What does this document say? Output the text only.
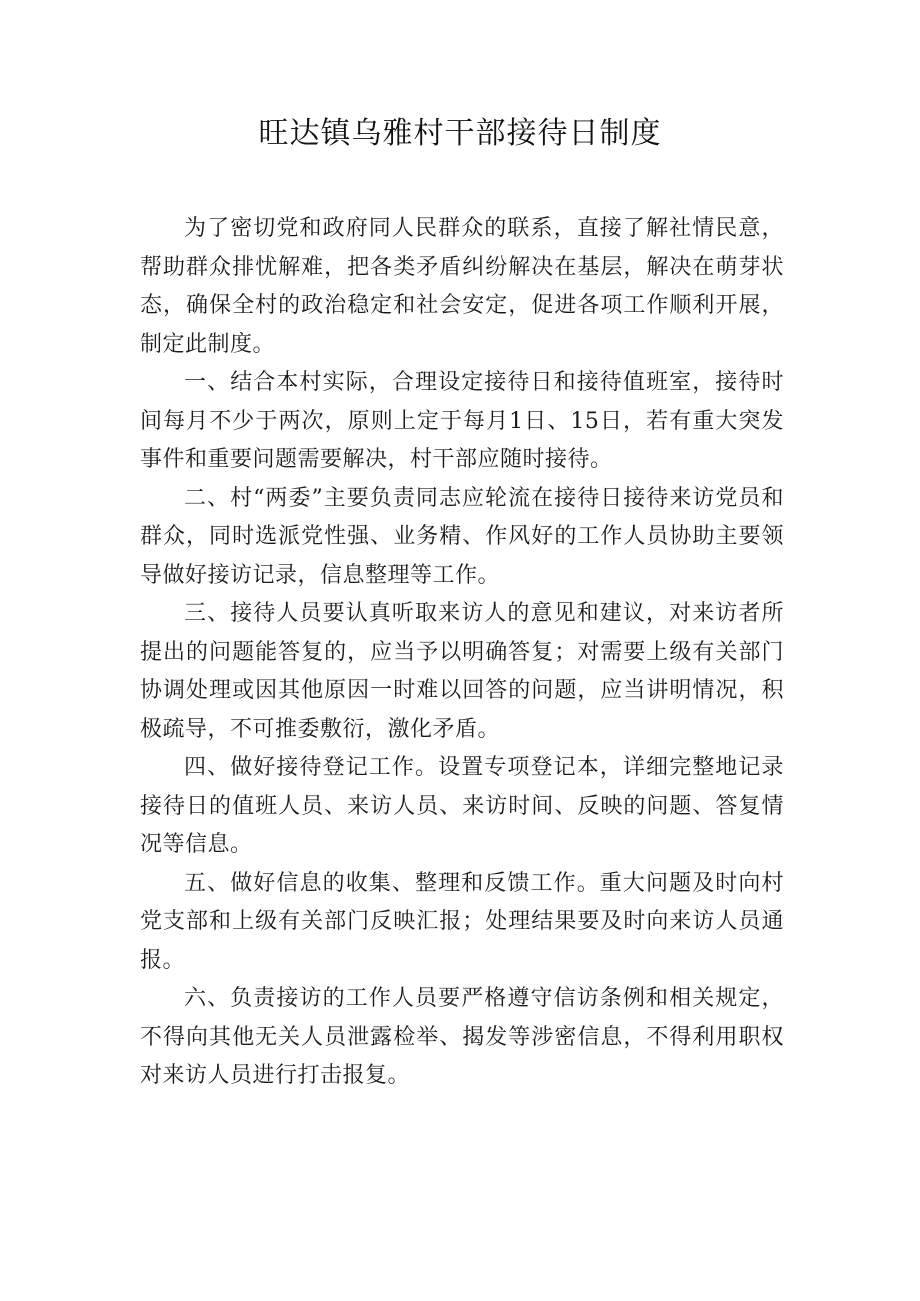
旺达镇乌雅村干部接待日制度

为了密切党和政府同人民群众的联系，直接了解社情民意，帮助群众排忧解难，把各类矛盾纠纷解决在基层，解决在萌芽状态，确保全村的政治稳定和社会安定，促进各项工作顺利开展，制定此制度。

一、结合本村实际，合理设定接待日和接待值班室，接待时间每月不少于两次，原则上定于每月1日、15日，若有重大突发事件和重要问题需要解决，村干部应随时接待。

二、村“两委”主要负责同志应轮流在接待日接待来访党员和群众，同时选派党性强、业务精、作风好的工作人员协助主要领导做好接访记录，信息整理等工作。

三、接待人员要认真听取来访人的意见和建议，对来访者所提出的问题能答复的，应当予以明确答复；对需要上级有关部门协调处理或因其他原因一时难以回答的问题，应当讲明情况，积极疏导，不可推委敷衍，激化矛盾。

四、做好接待登记工作。设置专项登记本，详细完整地记录接待日的值班人员、来访人员、来访时间、反映的问题、答复情况等信息。

五、做好信息的收集、整理和反馈工作。重大问题及时向村党支部和上级有关部门反映汇报；处理结果要及时向来访人员通报。

六、负责接访的工作人员要严格遵守信访条例和相关规定，不得向其他无关人员泄露检举、揭发等涉密信息，不得利用职权对来访人员进行打击报复。
